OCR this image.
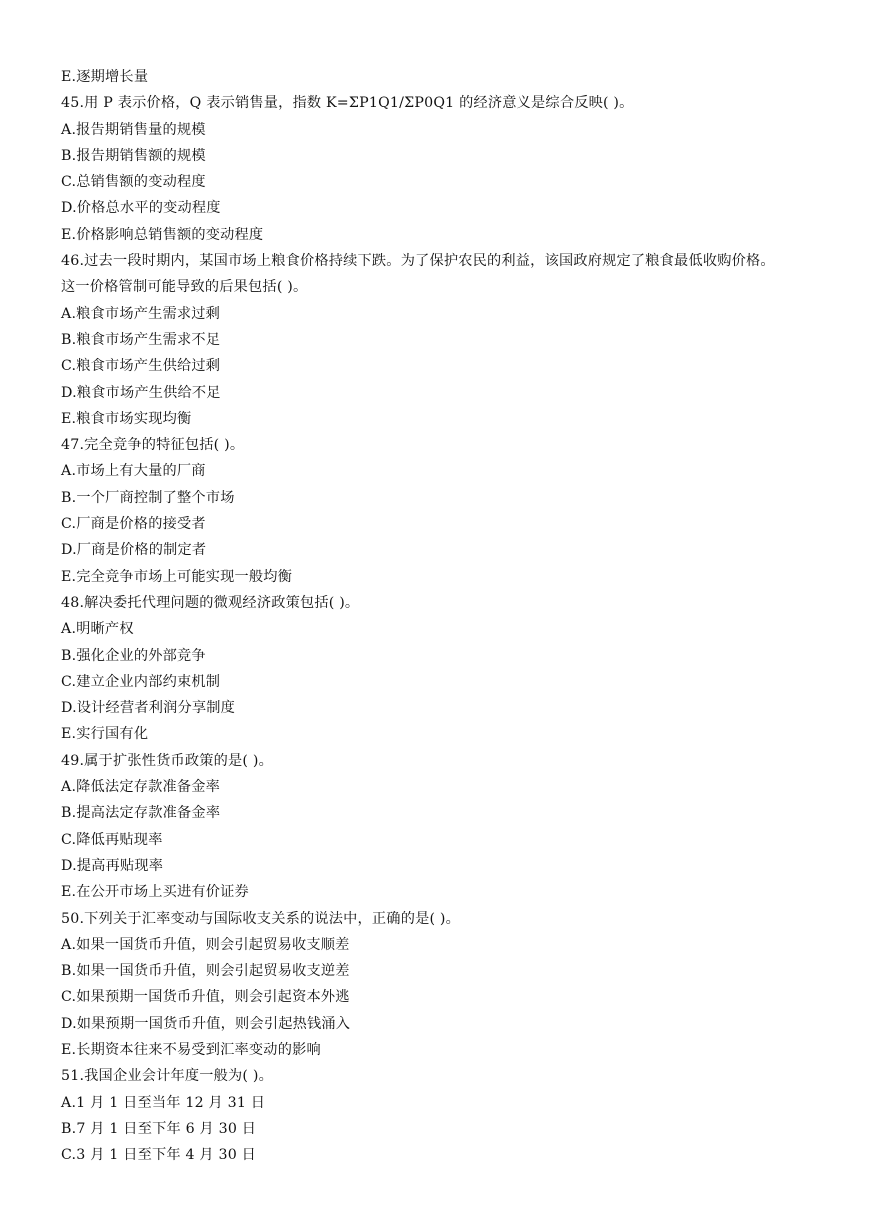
E.逐期增长量
45.用 P 表示价格，Q 表示销售量，指数 K=ΣP1Q1/ΣP0Q1 的经济意义是综合反映( )。
A.报告期销售量的规模
B.报告期销售额的规模
C.总销售额的变动程度
D.价格总水平的变动程度
E.价格影响总销售额的变动程度
46.过去一段时期内，某国市场上粮食价格持续下跌。为了保护农民的利益，该国政府规定了粮食最低收购价格。
这一价格管制可能导致的后果包括( )。
A.粮食市场产生需求过剩
B.粮食市场产生需求不足
C.粮食市场产生供给过剩
D.粮食市场产生供给不足
E.粮食市场实现均衡
47.完全竞争的特征包括( )。
A.市场上有大量的厂商
B.一个厂商控制了整个市场
C.厂商是价格的接受者
D.厂商是价格的制定者
E.完全竞争市场上可能实现一般均衡
48.解决委托代理问题的微观经济政策包括( )。
A.明晰产权
B.强化企业的外部竞争
C.建立企业内部约束机制
D.设计经营者利润分享制度
E.实行国有化
49.属于扩张性货币政策的是( )。
A.降低法定存款准备金率
B.提高法定存款准备金率
C.降低再贴现率
D.提高再贴现率
E.在公开市场上买进有价证券
50.下列关于汇率变动与国际收支关系的说法中，正确的是( )。
A.如果一国货币升值，则会引起贸易收支顺差
B.如果一国货币升值，则会引起贸易收支逆差
C.如果预期一国货币升值，则会引起资本外逃
D.如果预期一国货币升值，则会引起热钱涌入
E.长期资本往来不易受到汇率变动的影响
51.我国企业会计年度一般为( )。
A.1 月 1 日至当年 12 月 31 日
B.7 月 1 日至下年 6 月 30 日
C.3 月 1 日至下年 4 月 30 日
